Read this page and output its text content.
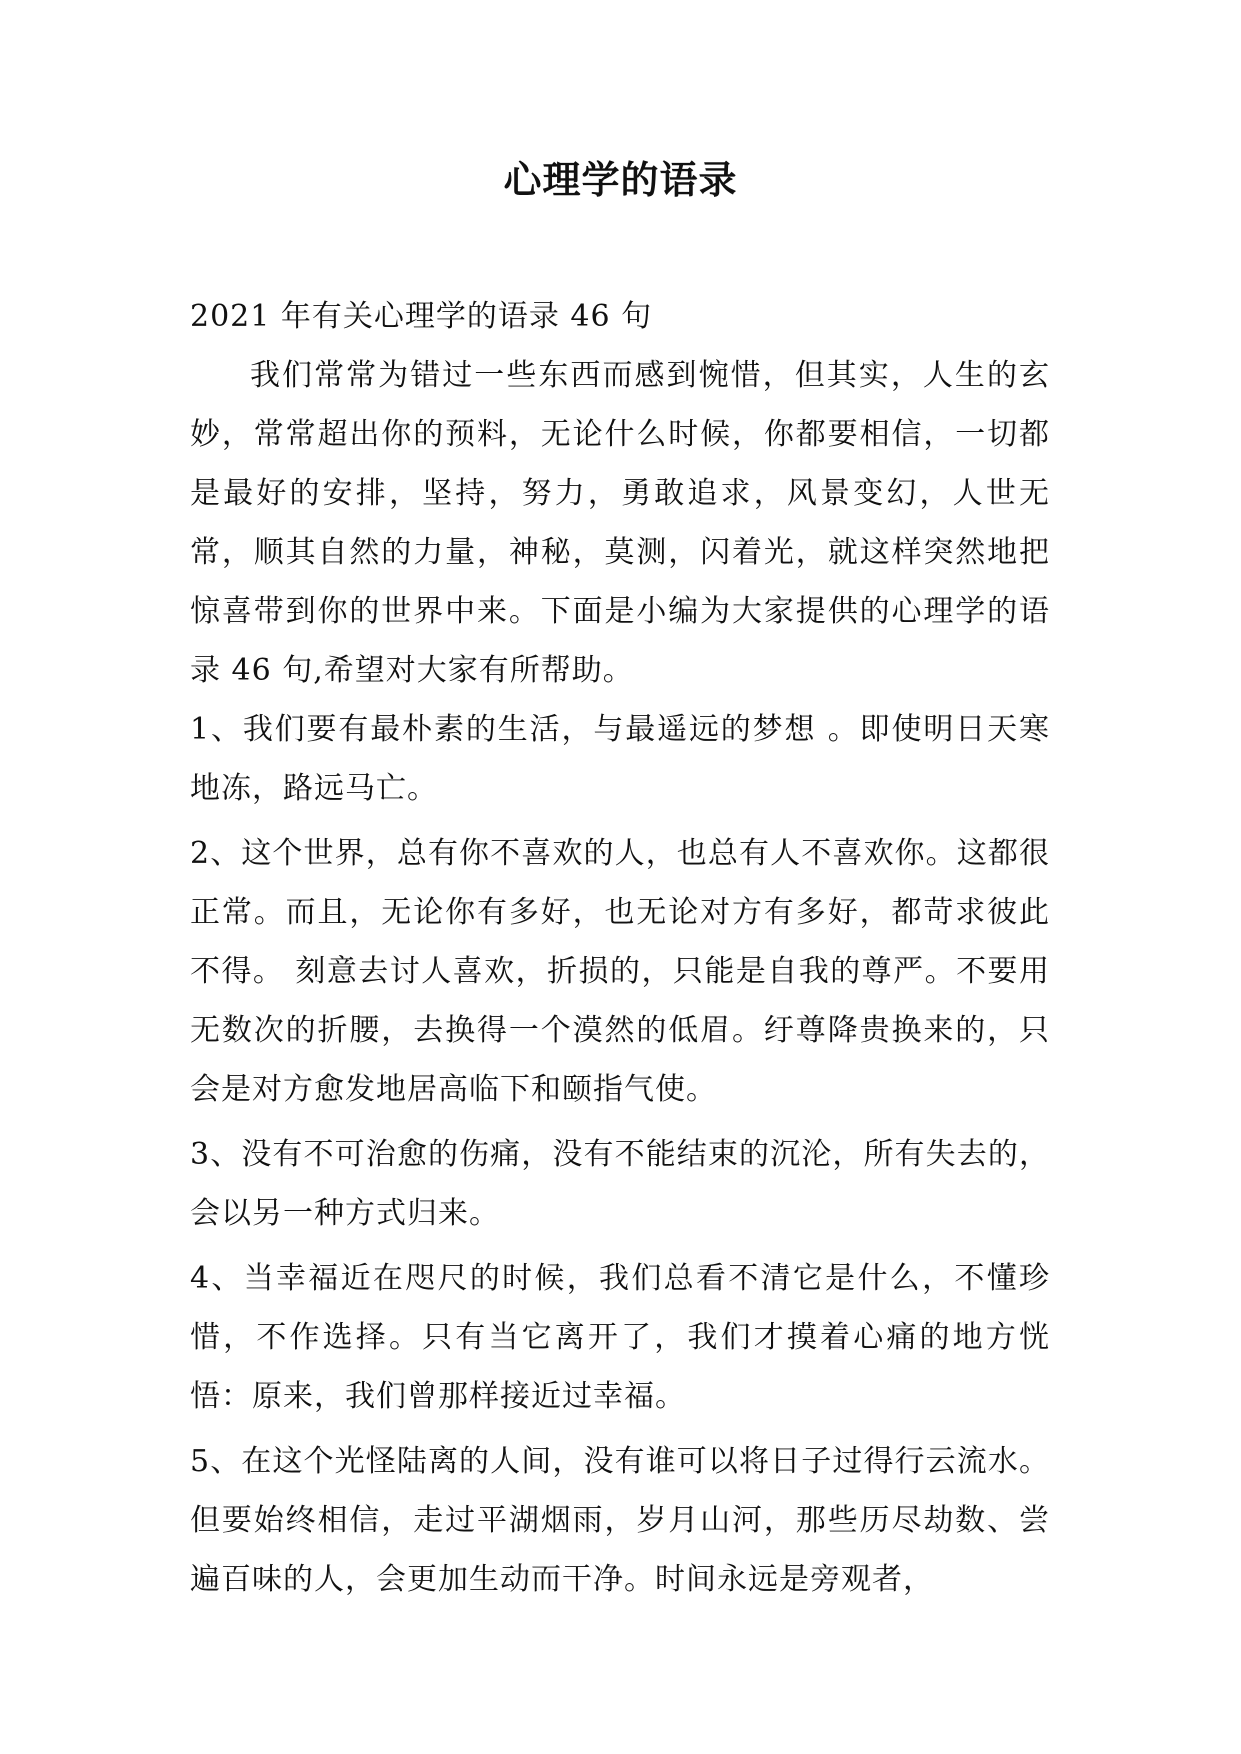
心理学的语录

2021 年有关心理学的语录 46 句

我们常常为错过一些东西而感到惋惜，但其实，人生的玄妙，常常超出你的预料，无论什么时候，你都要相信，一切都是最好的安排，坚持，努力，勇敢追求，风景变幻，人世无常，顺其自然的力量，神秘，莫测，闪着光，就这样突然地把惊喜带到你的世界中来。下面是小编为大家提供的心理学的语录 46 句,希望对大家有所帮助。

1、我们要有最朴素的生活，与最遥远的梦想 。即使明日天寒地冻，路远马亡。

2、这个世界，总有你不喜欢的人，也总有人不喜欢你。这都很正常。而且，无论你有多好，也无论对方有多好，都苛求彼此不得。 刻意去讨人喜欢，折损的，只能是自我的尊严。不要用无数次的折腰，去换得一个漠然的低眉。纡尊降贵换来的，只会是对方愈发地居高临下和颐指气使。

3、没有不可治愈的伤痛，没有不能结束的沉沦，所有失去的，会以另一种方式归来。

4、当幸福近在咫尺的时候，我们总看不清它是什么，不懂珍惜，不作选择。只有当它离开了，我们才摸着心痛的地方恍悟：原来，我们曾那样接近过幸福。

5、在这个光怪陆离的人间，没有谁可以将日子过得行云流水。但要始终相信，走过平湖烟雨，岁月山河，那些历尽劫数、尝遍百味的人，会更加生动而干净。时间永远是旁观者，
